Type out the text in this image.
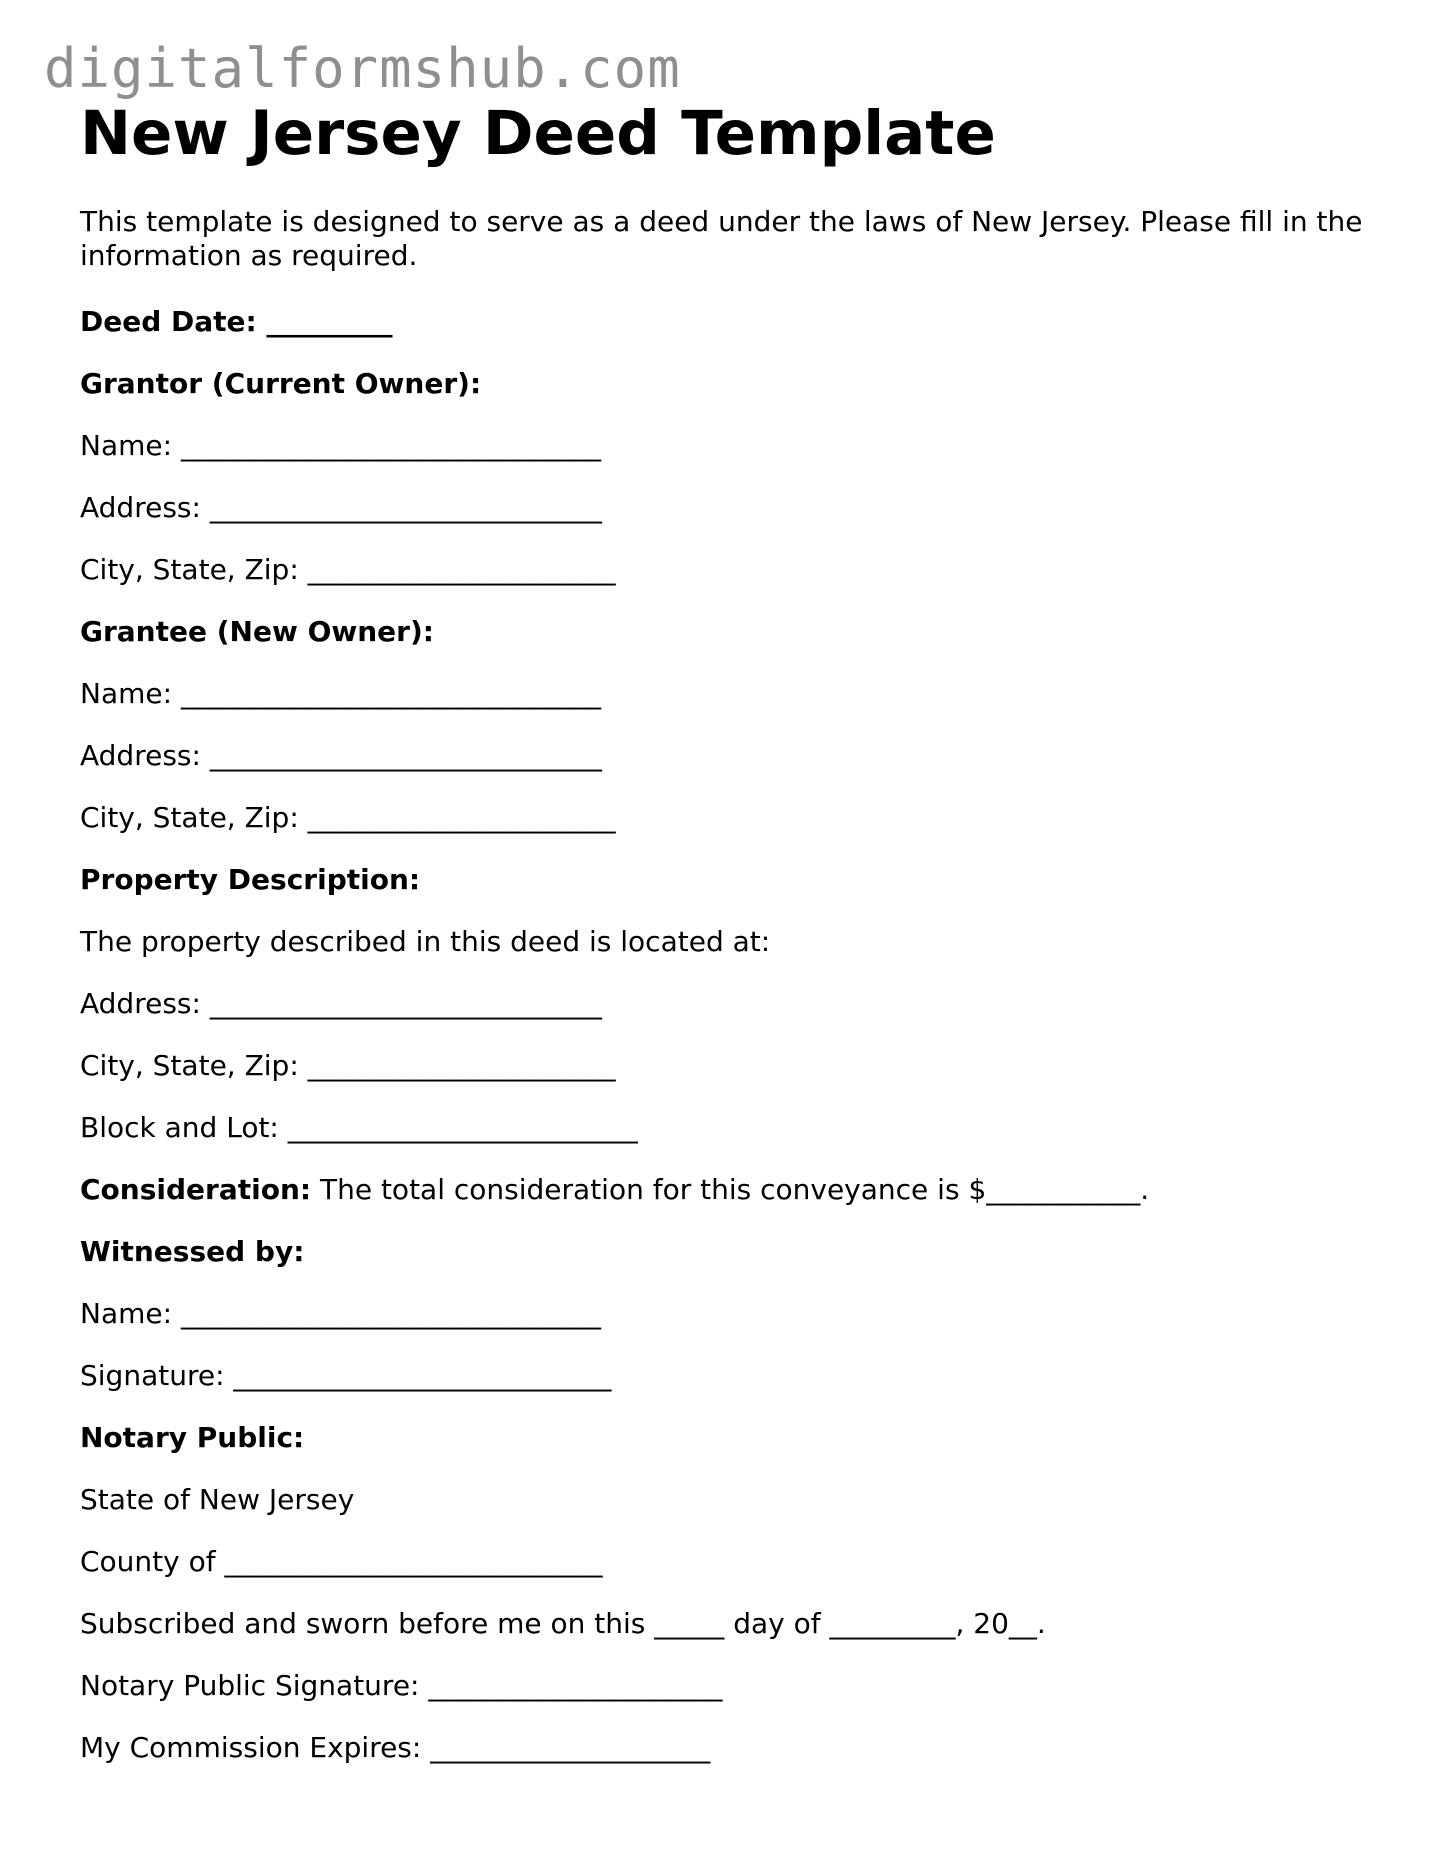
digitalformshub.com
New Jersey Deed Template

This template is designed to serve as a deed under the laws of New Jersey. Please fill in the information as required.

Deed Date: _________
Grantor (Current Owner):
Name: ______________________________
Address: ____________________________
City, State, Zip: ______________________
Grantee (New Owner):
Name: ______________________________
Address: ____________________________
City, State, Zip: ______________________
Property Description:
The property described in this deed is located at:
Address: ____________________________
City, State, Zip: ______________________
Block and Lot: _________________________
Consideration: The total consideration for this conveyance is $___________.
Witnessed by:
Name: ______________________________
Signature: ___________________________
Notary Public:
State of New Jersey
County of ___________________________
Subscribed and sworn before me on this _____ day of _________, 20__.
Notary Public Signature: _____________________
My Commission Expires: ____________________
